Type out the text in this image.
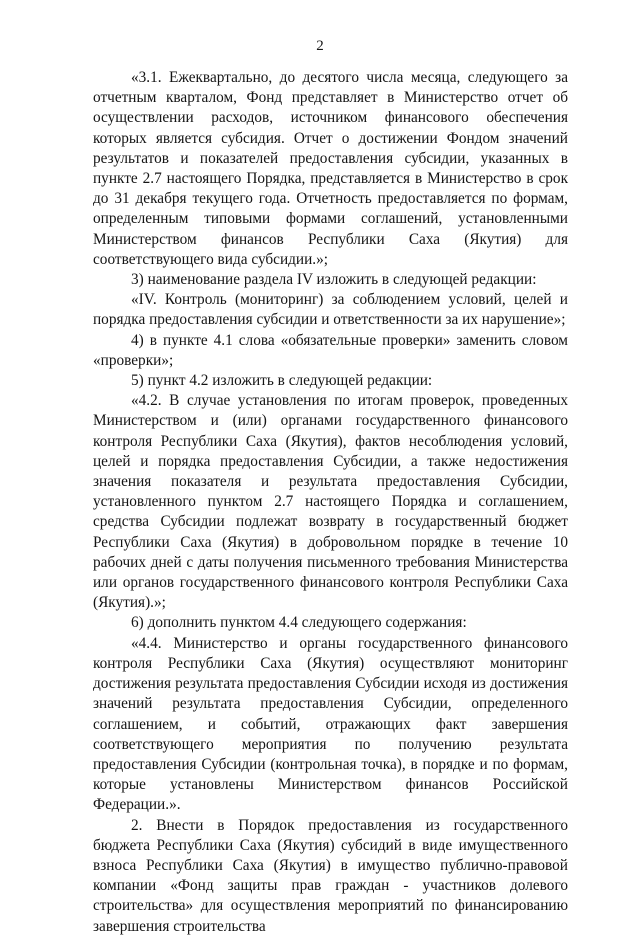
2

«3.1. Ежеквартально, до десятого числа месяца, следующего за отчетным кварталом, Фонд представляет в Министерство отчет об осуществлении расходов, источником финансового обеспечения которых является субсидия. Отчет о достижении Фондом значений результатов и показателей предоставления субсидии, указанных в пункте 2.7 настоящего Порядка, представляется в Министерство в срок до 31 декабря текущего года. Отчетность предоставляется по формам, определенным типовыми формами соглашений, установленными Министерством финансов Республики Саха (Якутия) для соответствующего вида субсидии.»;

3) наименование раздела IV изложить в следующей редакции:

«IV. Контроль (мониторинг) за соблюдением условий, целей и порядка предоставления субсидии и ответственности за их нарушение»;

4) в пункте 4.1 слова «обязательные проверки» заменить словом «проверки»;

5) пункт 4.2 изложить в следующей редакции:

«4.2. В случае установления по итогам проверок, проведенных Министерством и (или) органами государственного финансового контроля Республики Саха (Якутия), фактов несоблюдения условий, целей и порядка предоставления Субсидии, а также недостижения значения показателя и результата предоставления Субсидии, установленного пунктом 2.7 настоящего Порядка и соглашением, средства Субсидии подлежат возврату в государственный бюджет Республики Саха (Якутия) в добровольном порядке в течение 10 рабочих дней с даты получения письменного требования Министерства или органов государственного финансового контроля Республики Саха (Якутия).»;

6) дополнить пунктом 4.4 следующего содержания:

«4.4. Министерство и органы государственного финансового контроля Республики Саха (Якутия) осуществляют мониторинг достижения результата предоставления Субсидии исходя из достижения значений результата предоставления Субсидии, определенного соглашением, и событий, отражающих факт завершения соответствующего мероприятия по получению результата предоставления Субсидии (контрольная точка), в порядке и по формам, которые установлены Министерством финансов Российской Федерации.».

2. Внести в Порядок предоставления из государственного бюджета Республики Саха (Якутия) субсидий в виде имущественного взноса Республики Саха (Якутия) в имущество публично-правовой компании «Фонд защиты прав граждан - участников долевого строительства» для осуществления мероприятий по финансированию завершения строительства
